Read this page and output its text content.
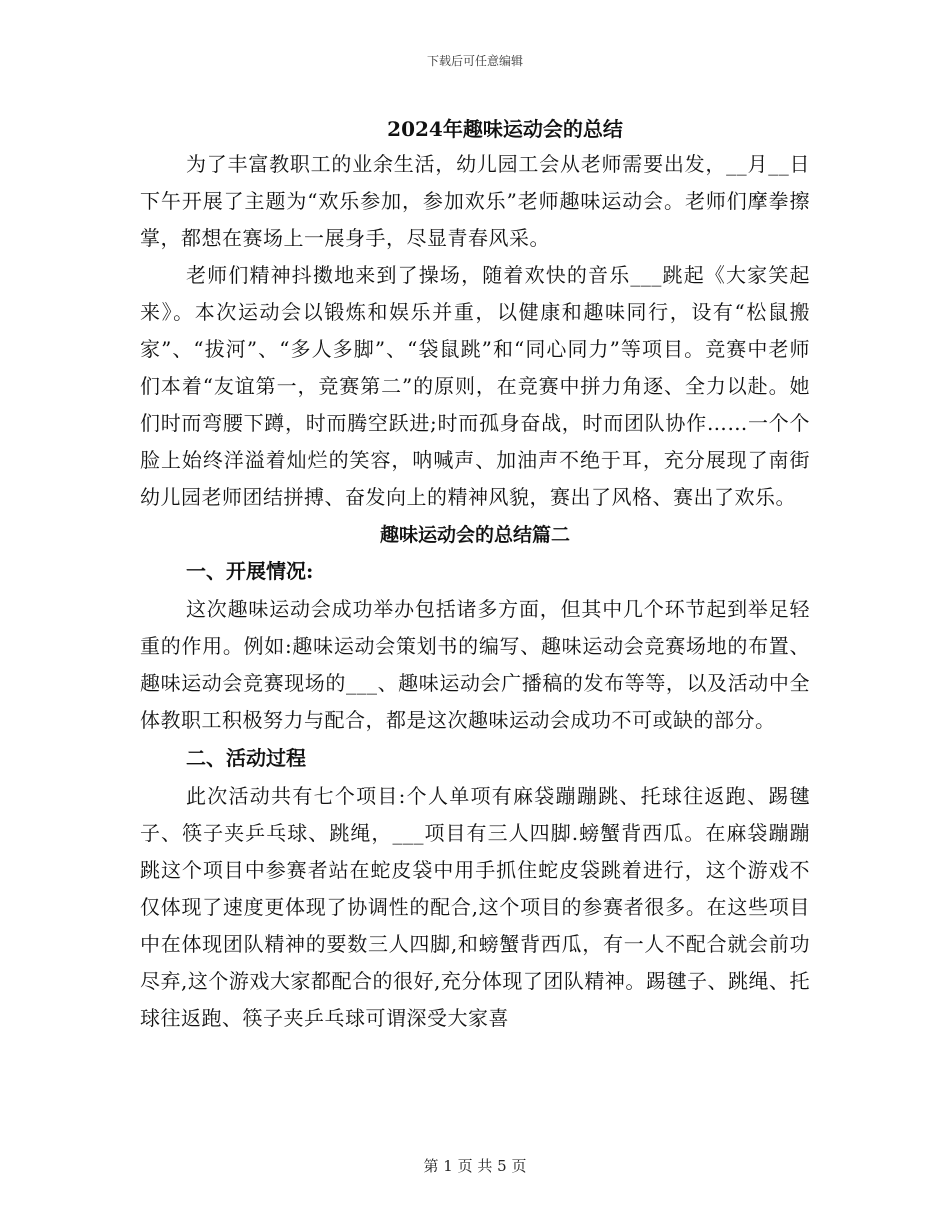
下载后可任意编辑
2024年趣味运动会的总结

为了丰富教职工的业余生活，幼儿园工会从老师需要出发，__月__日下午开展了主题为“欢乐参加，参加欢乐”老师趣味运动会。老师们摩拳擦掌，都想在赛场上一展身手，尽显青春风采。

老师们精神抖擞地来到了操场，随着欢快的音乐___跳起《大家笑起来》。本次运动会以锻炼和娱乐并重，以健康和趣味同行，设有“松鼠搬家”、“拔河”、“多人多脚”、“袋鼠跳”和“同心同力”等项目。竞赛中老师们本着“友谊第一，竞赛第二”的原则，在竞赛中拼力角逐、全力以赴。她们时而弯腰下蹲，时而腾空跃进;时而孤身奋战，时而团队协作……一个个脸上始终洋溢着灿烂的笑容，呐喊声、加油声不绝于耳，充分展现了南街幼儿园老师团结拼搏、奋发向上的精神风貌，赛出了风格、赛出了欢乐。

趣味运动会的总结篇二
一、开展情况:

这次趣味运动会成功举办包括诸多方面，但其中几个环节起到举足轻重的作用。例如:趣味运动会策划书的编写、趣味运动会竞赛场地的布置、趣味运动会竞赛现场的___、趣味运动会广播稿的发布等等，以及活动中全体教职工积极努力与配合，都是这次趣味运动会成功不可或缺的部分。

二、活动过程

此次活动共有七个项目:个人单项有麻袋蹦蹦跳、托球往返跑、踢毽子、筷子夹乒乓球、跳绳，___项目有三人四脚.螃蟹背西瓜。在麻袋蹦蹦跳这个项目中参赛者站在蛇皮袋中用手抓住蛇皮袋跳着进行，这个游戏不仅体现了速度更体现了协调性的配合,这个项目的参赛者很多。在这些项目中在体现团队精神的要数三人四脚,和螃蟹背西瓜，有一人不配合就会前功尽弃,这个游戏大家都配合的很好,充分体现了团队精神。踢毽子、跳绳、托球往返跑、筷子夹乒乓球可谓深受大家喜

第 1 页 共 5 页
